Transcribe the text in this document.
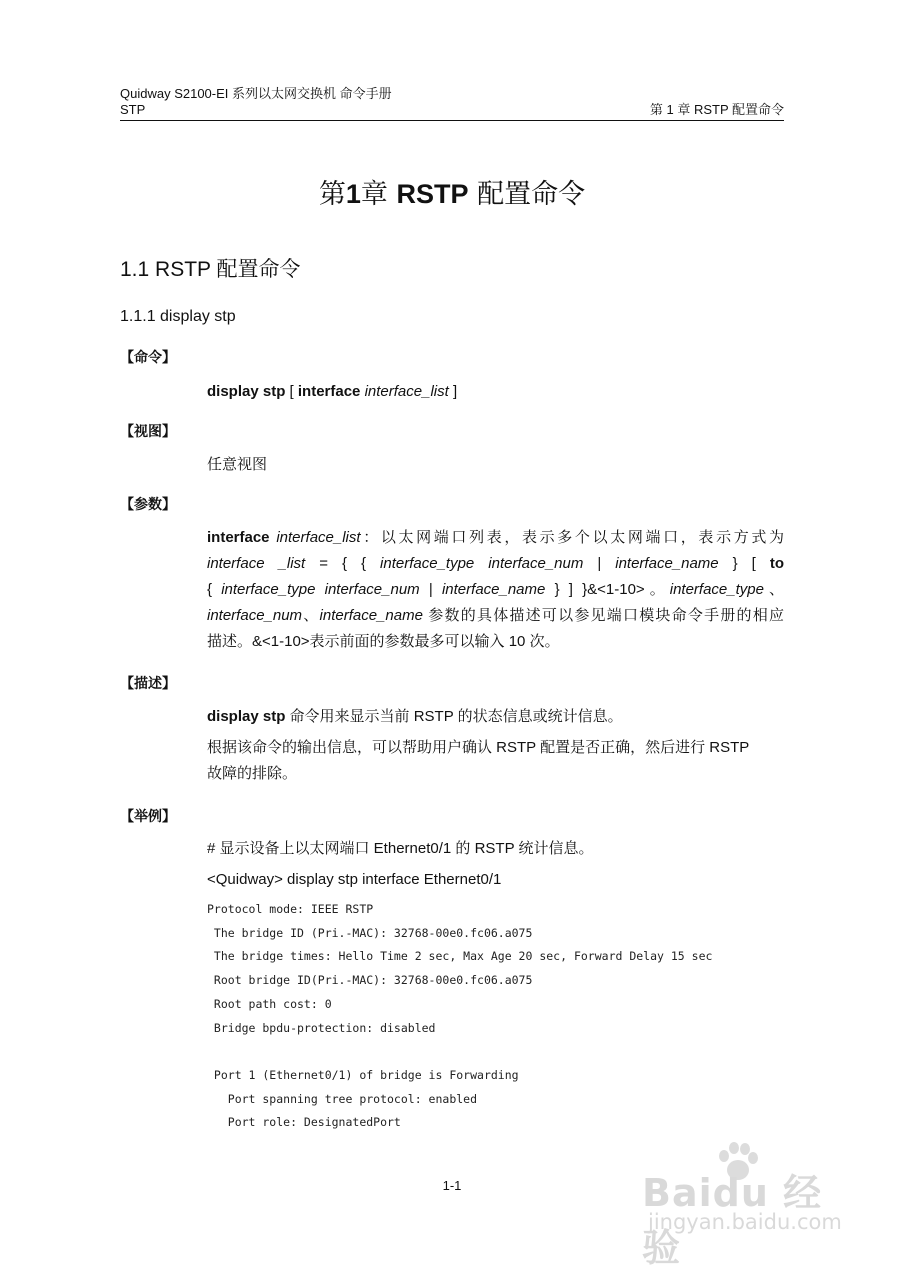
Quidway S2100-EI 系列以太网交换机 命令手册
STP	第 1 章 RSTP 配置命令
第1章 RSTP 配置命令
1.1 RSTP 配置命令
1.1.1 display stp
【命令】

display stp [ interface interface_list ]

【视图】

任意视图

【参数】

interface interface_list：以太网端口列表，表示多个以太网端口，表示方式为

interface _list = { { interface_type interface_num | interface_name } [ to

{ interface_type interface_num | interface_name } ] }&<1-10>。interface_type、

interface_num、interface_name 参数的具体描述可以参见端口模块命令手册的相应

描述。&<1-10>表示前面的参数最多可以输入 10 次。

【描述】

display stp 命令用来显示当前 RSTP 的状态信息或统计信息。

根据该命令的输出信息，可以帮助用户确认 RSTP 配置是否正确，然后进行 RSTP

故障的排除。

【举例】

# 显示设备上以太网端口 Ethernet0/1 的 RSTP 统计信息。

<Quidway> display stp interface Ethernet0/1

Protocol mode: IEEE RSTP
The bridge ID (Pri.-MAC): 32768-00e0.fc06.a075
The bridge times: Hello Time 2 sec, Max Age 20 sec, Forward Delay 15 sec
Root bridge ID(Pri.-MAC): 32768-00e0.fc06.a075
Root path cost: 0
Bridge bpdu-protection: disabled

Port 1 (Ethernet0/1) of bridge is Forwarding
Port spanning tree protocol: enabled
Port role: DesignatedPort
1-1	Baidu 经验
jingyan.baidu.com
